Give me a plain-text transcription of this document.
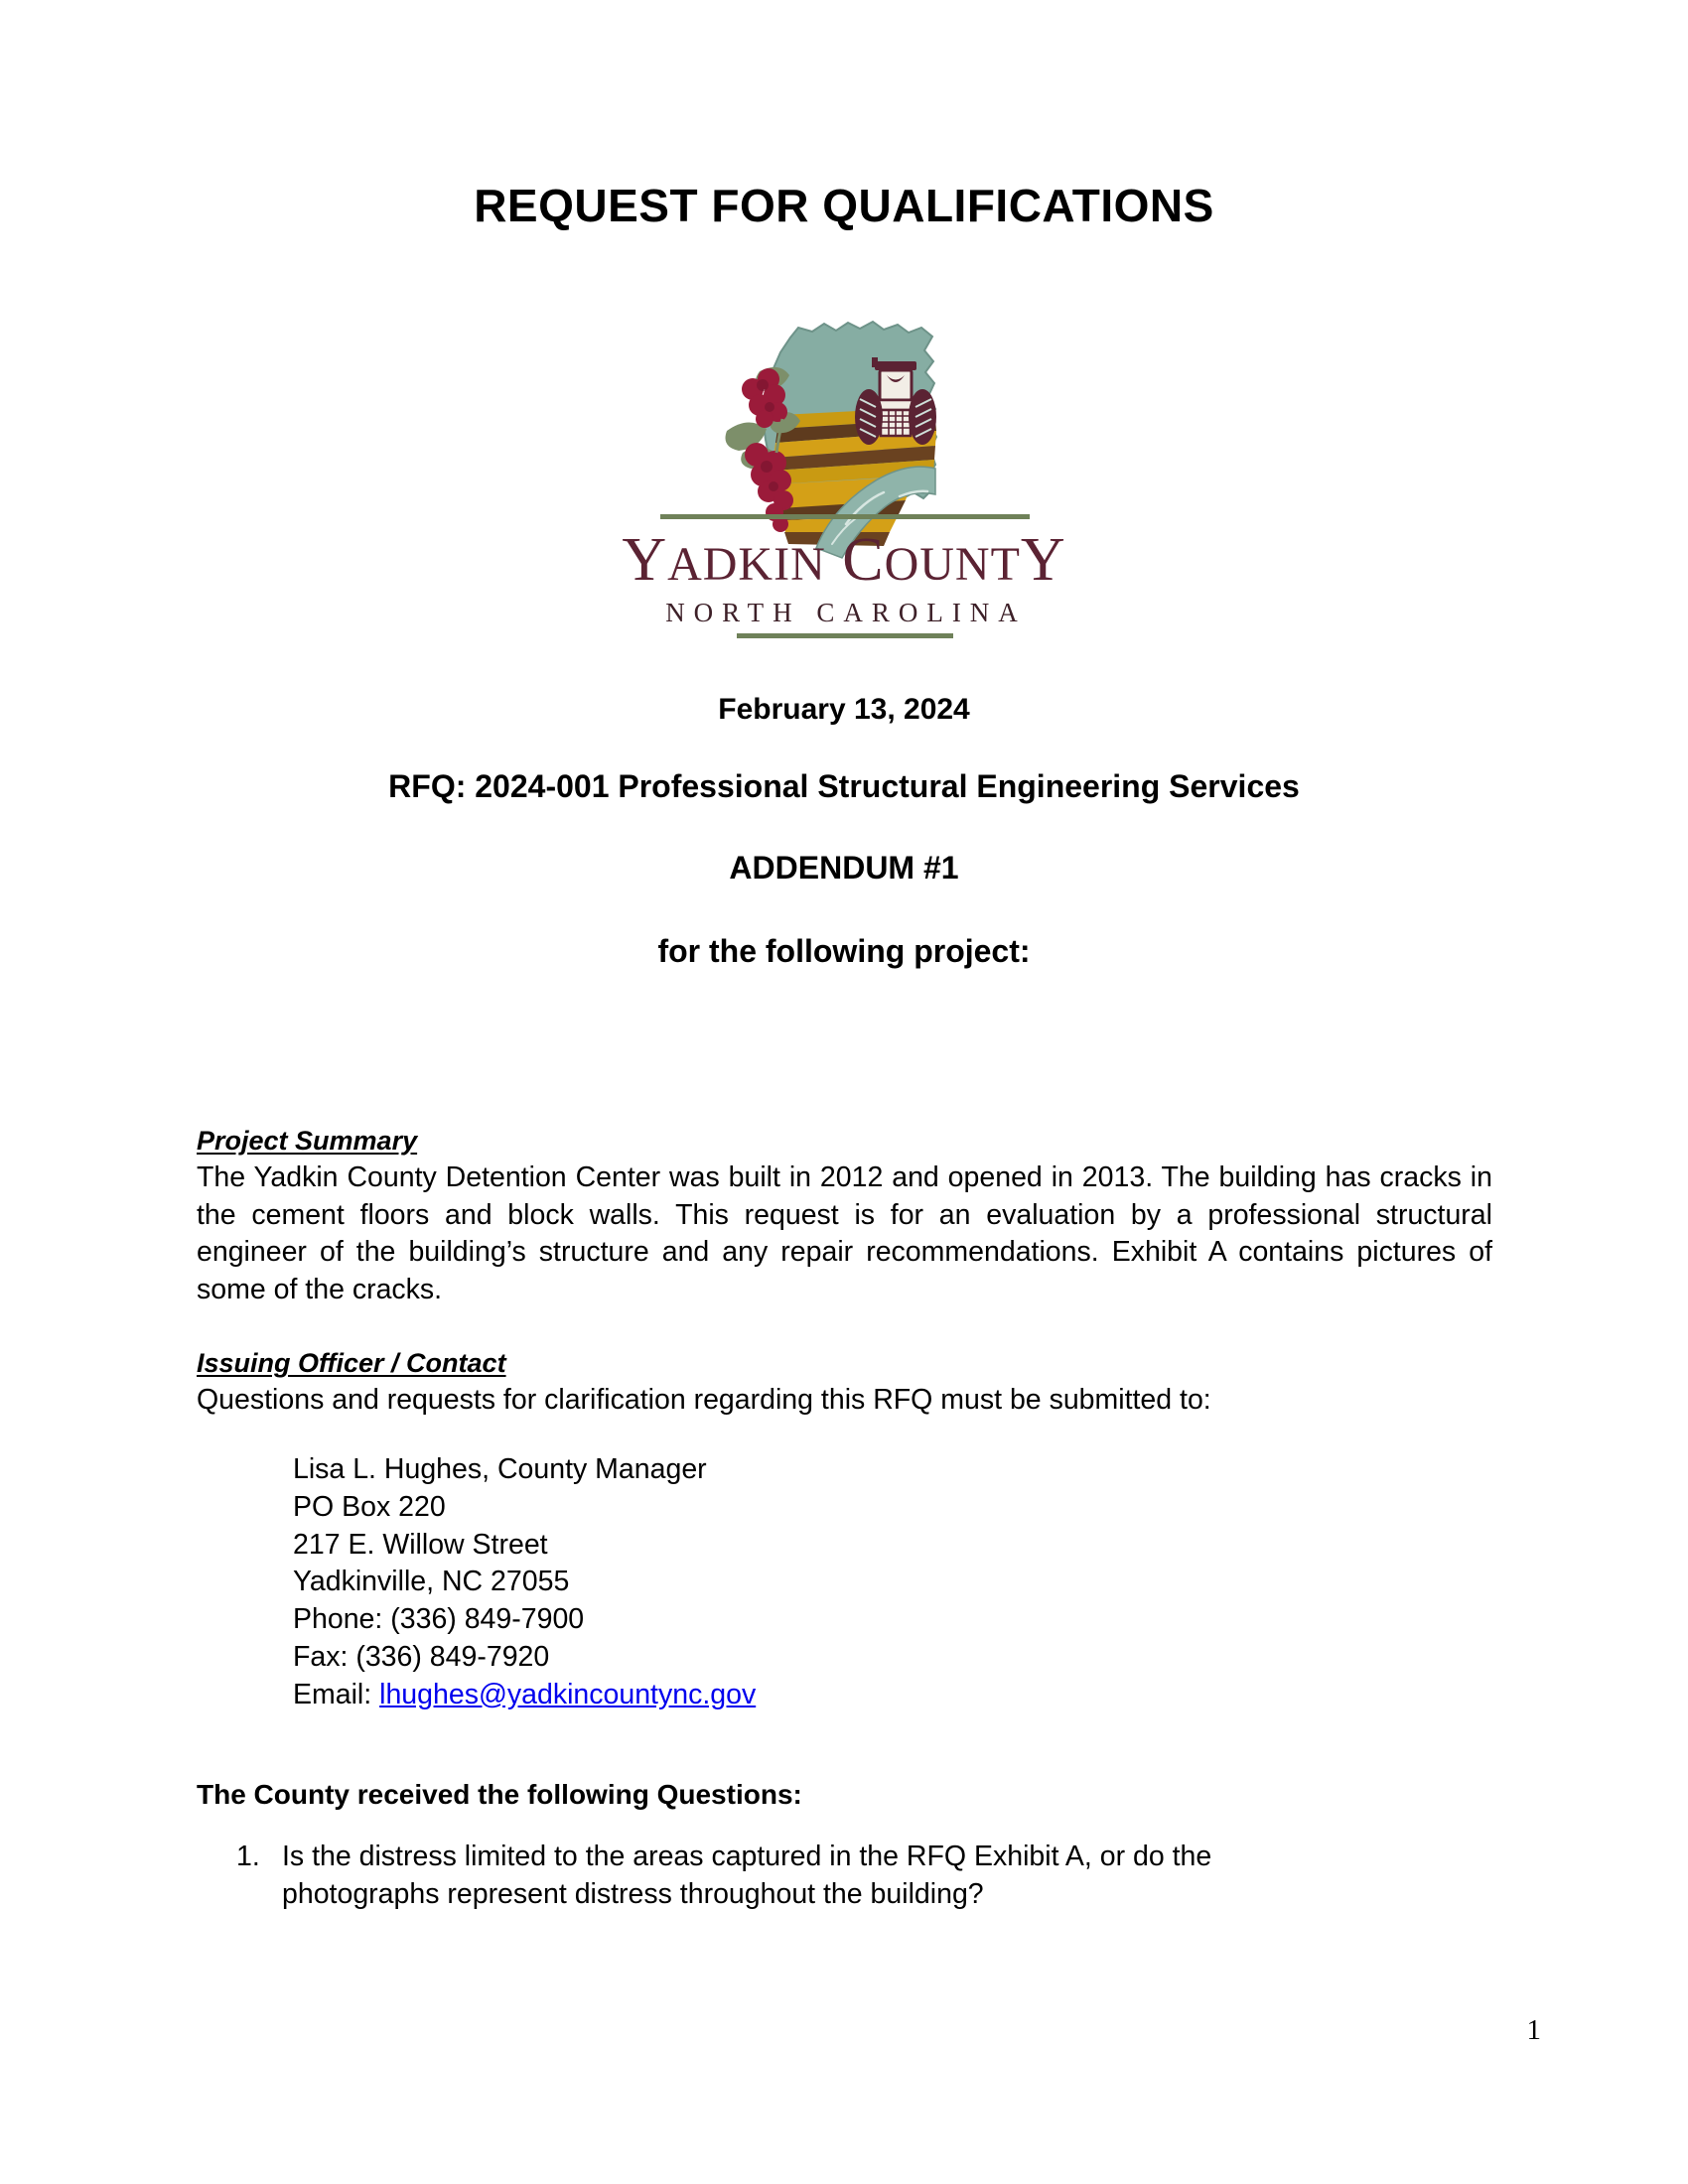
REQUEST FOR QUALIFICATIONS
YADKIN COUNTY
NORTH CAROLINA
February 13, 2024
RFQ: 2024-001 Professional Structural Engineering Services
ADDENDUM #1
for the following project:
Project Summary

The Yadkin County Detention Center was built in 2012 and opened in 2013. The building has cracks in the cement floors and block walls. This request is for an evaluation by a professional structural engineer of the building’s structure and any repair recommendations. Exhibit A contains pictures of some of the cracks.

Issuing Officer / Contact

Questions and requests for clarification regarding this RFQ must be submitted to:

Lisa L. Hughes, County Manager
PO Box 220
217 E. Willow Street
Yadkinville, NC 27055
Phone: (336) 849-7900
Fax: (336) 849-7920
Email: lhughes@yadkincountync.gov

The County received the following Questions:

1. Is the distress limited to the areas captured in the RFQ Exhibit A, or do the photographs represent distress throughout the building?
1
